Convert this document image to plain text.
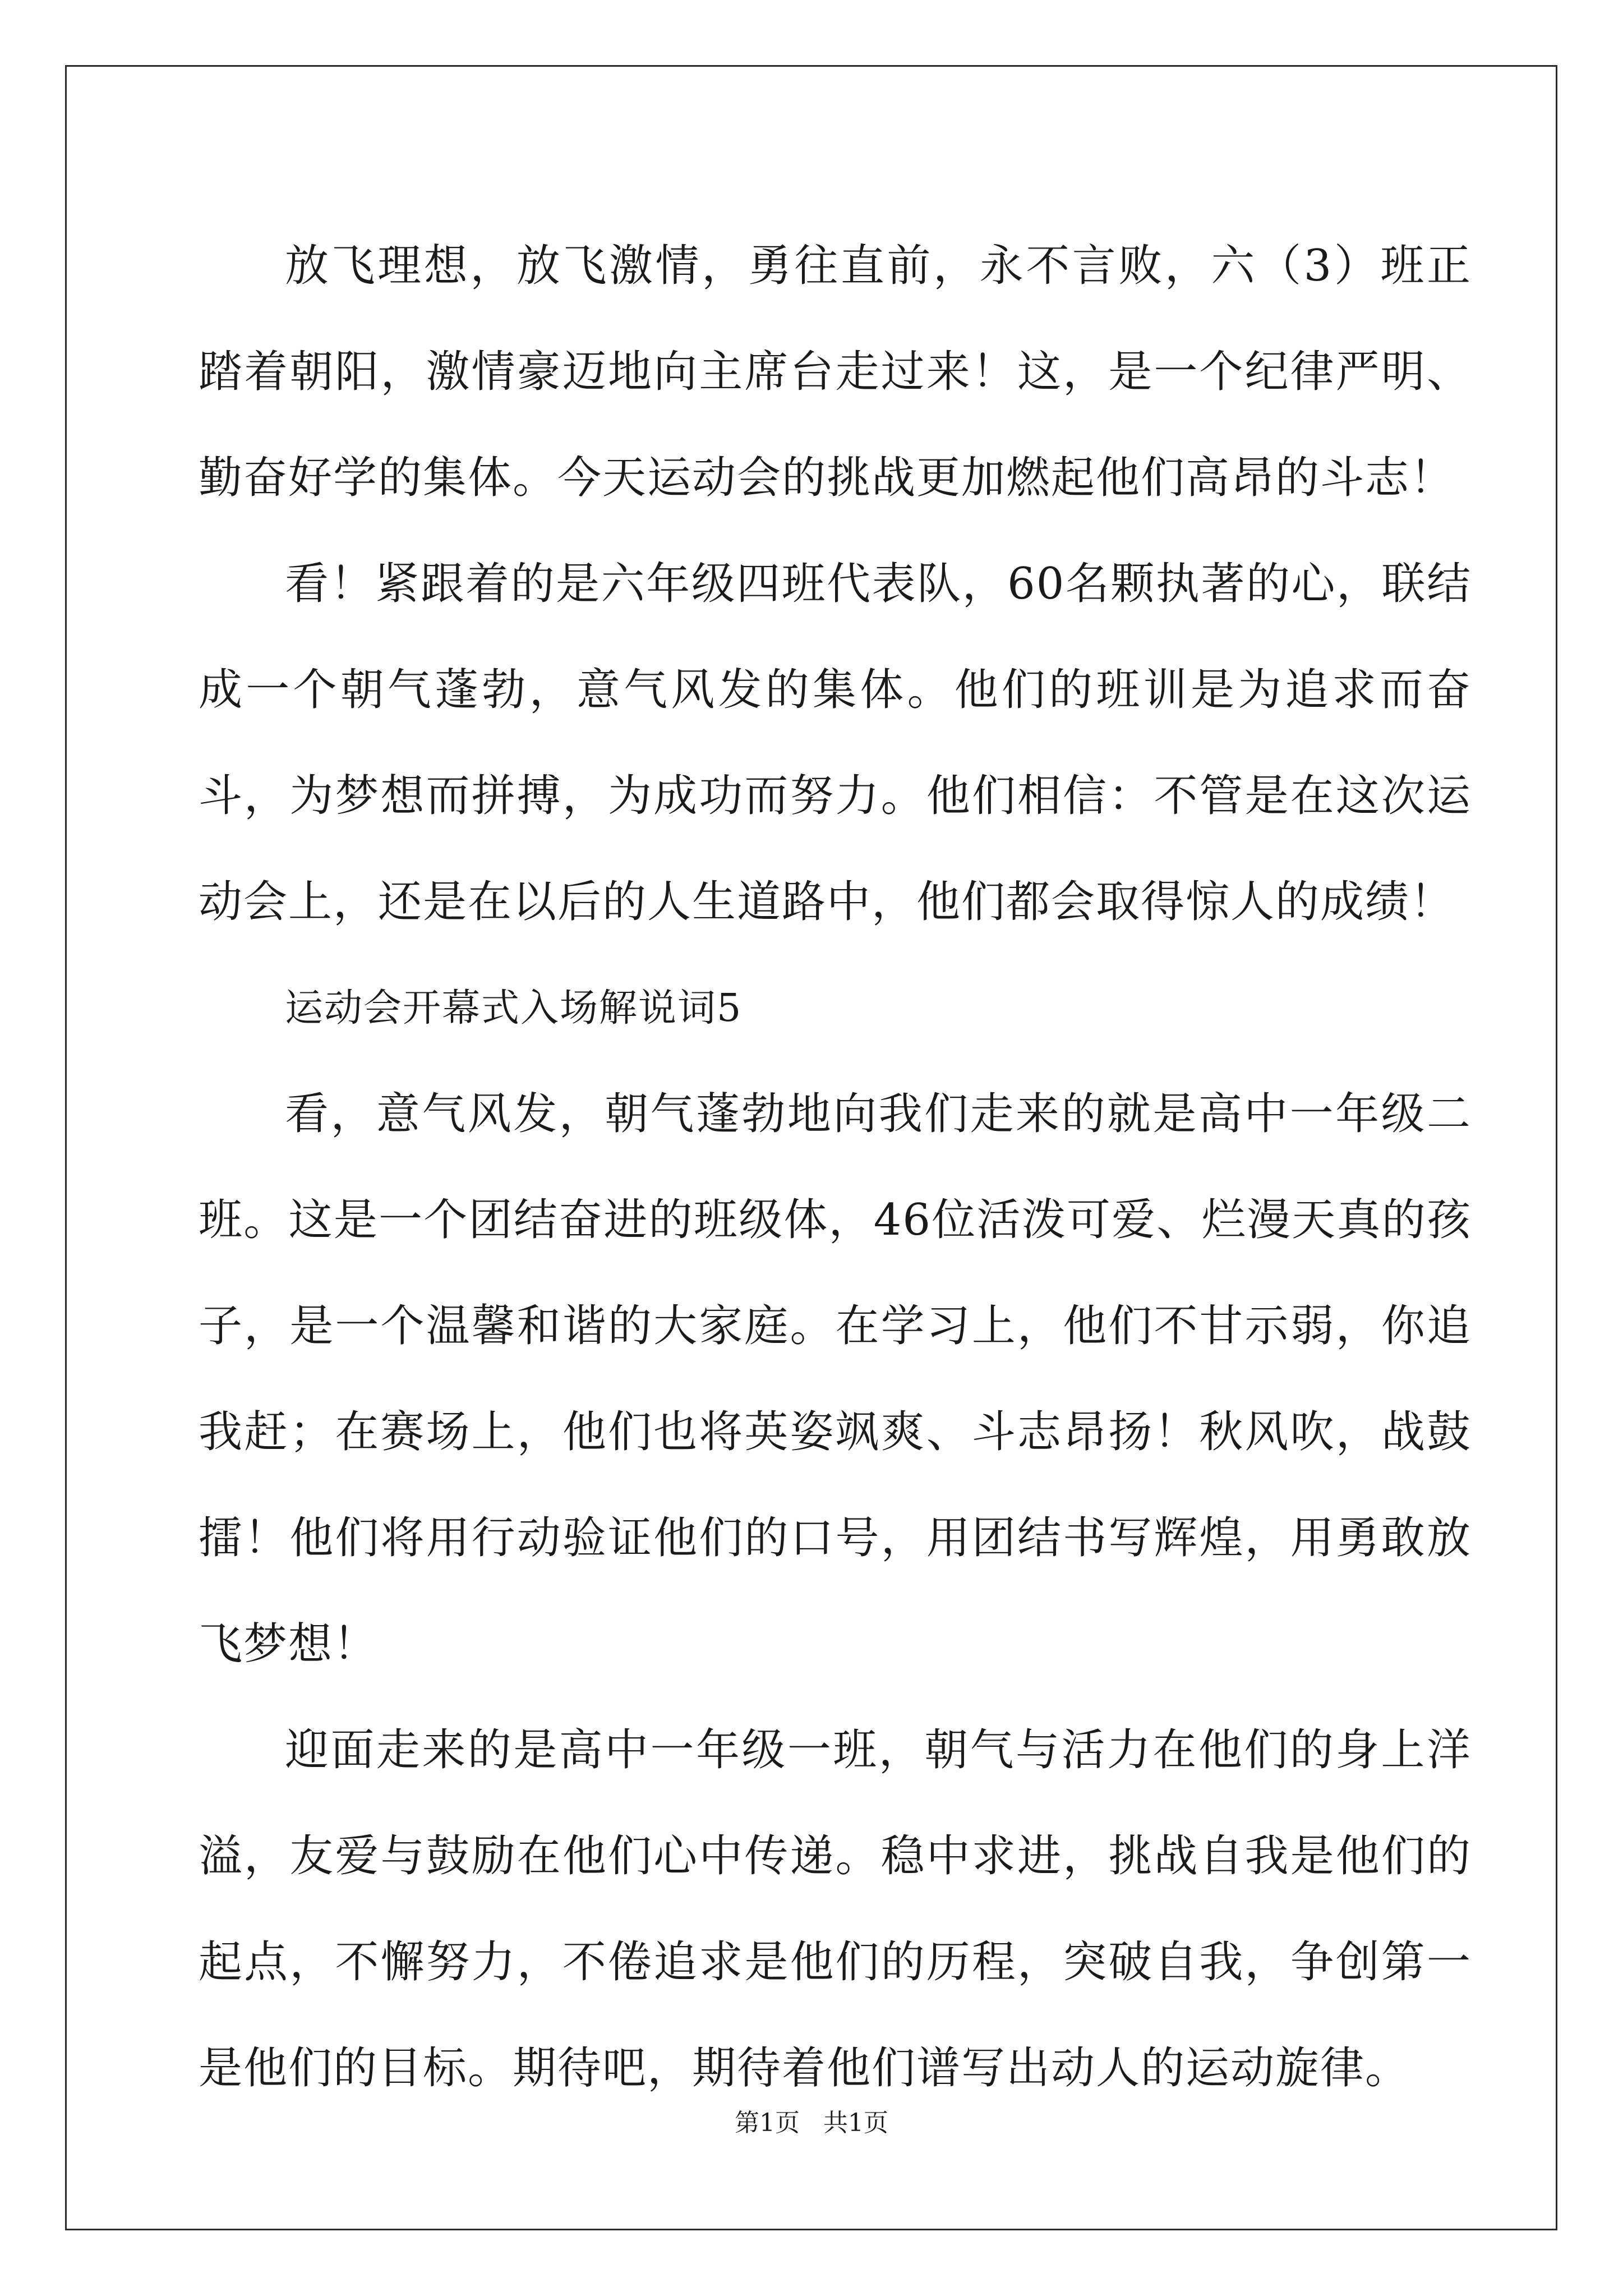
放飞理想，放飞激情，勇往直前，永不言败，六（3）班正踏着朝阳，激情豪迈地向主席台走过来！这，是一个纪律严明、勤奋好学的集体。今天运动会的挑战更加燃起他们高昂的斗志！

看！紧跟着的是六年级四班代表队，60名颗执著的心，联结成一个朝气蓬勃，意气风发的集体。他们的班训是为追求而奋斗，为梦想而拼搏，为成功而努力。他们相信：不管是在这次运动会上，还是在以后的人生道路中，他们都会取得惊人的成绩！

运动会开幕式入场解说词5

看，意气风发，朝气蓬勃地向我们走来的就是高中一年级二班。这是一个团结奋进的班级体，46位活泼可爱、烂漫天真的孩子，是一个温馨和谐的大家庭。在学习上，他们不甘示弱，你追我赶；在赛场上，他们也将英姿飒爽、斗志昂扬！秋风吹，战鼓擂！他们将用行动验证他们的口号，用团结书写辉煌，用勇敢放飞梦想！

迎面走来的是高中一年级一班，朝气与活力在他们的身上洋溢，友爱与鼓励在他们心中传递。稳中求进，挑战自我是他们的起点，不懈努力，不倦追求是他们的历程，突破自我，争创第一是他们的目标。期待吧，期待着他们谱写出动人的运动旋律。

第1页 共1页
